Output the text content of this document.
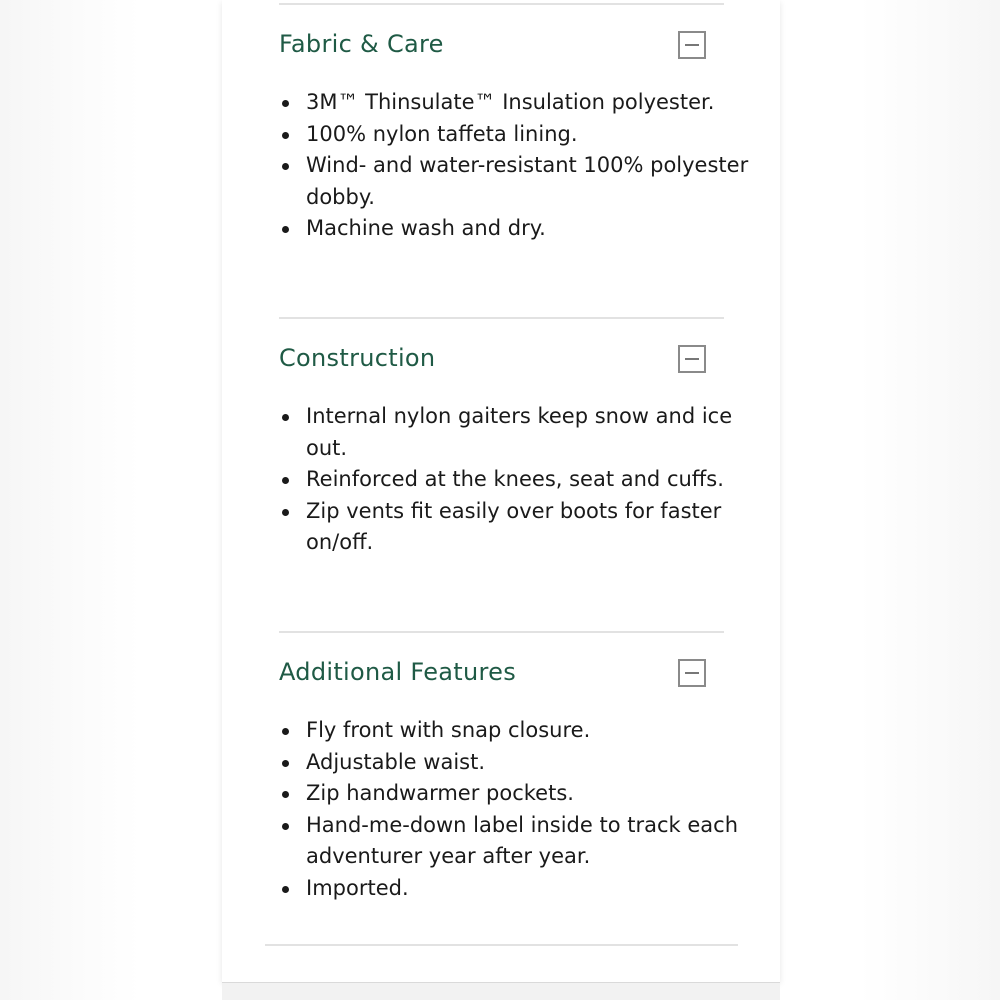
Fabric & Care
3M™ Thinsulate™ Insulation polyester.
100% nylon taffeta lining.
Wind- and water-resistant 100% polyester dobby.
Machine wash and dry.
Construction
Internal nylon gaiters keep snow and ice out.
Reinforced at the knees, seat and cuffs.
Zip vents fit easily over boots for faster on/off.
Additional Features
Fly front with snap closure.
Adjustable waist.
Zip handwarmer pockets.
Hand-me-down label inside to track each adventurer year after year.
Imported.
